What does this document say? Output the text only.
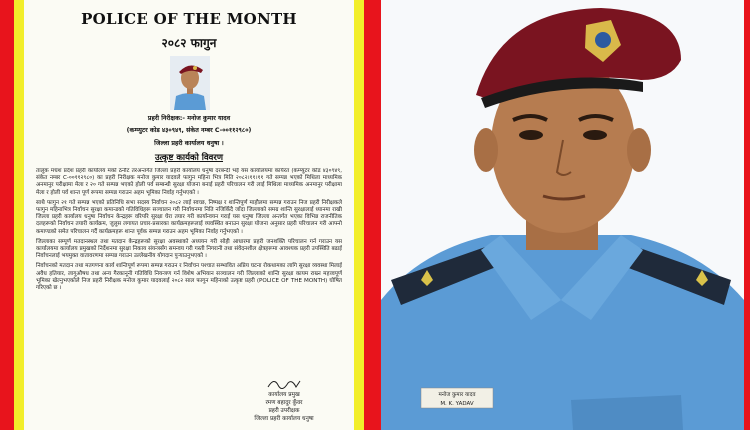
POLICE OF THE MONTH
२०८२ फागुन
प्रहरी निरीक्षक:- मनोज कुमार यादव
(कम्प्युटर कोड ४३०९४९, संकेत नम्बर C-००११२९८०)
जिल्ला प्रहरी कार्यालय धनुषा ।
उत्कृष्ट कार्यको विवरण

तालुक मधेश प्रदेश प्रहरी कार्यालय मर्का ठनौट तरअन्तर्गत जिल्ला प्रहरी कार्यालय धनुषा दरबन्दी भई यस कार्यालयमा कार्यरत (कम्प्युटर कोड ४३०९४९, संकेत नम्बर C-००११२९८०) का प्रहरी निरीक्षक मनोज कुमार यादवले फागुन महिना भित्र मिति २०८२।११।११ गते सम्पन्न भएको मिथिला माध्यमिक अनमानुर परीक्षामा मेला र २० गते सम्पन्न भएको होली पर्व सम्बन्धी सुरक्षा योजना बनाई प्रहरी परिचालन गरी लाई मिथिला माध्यमिक अनमानुर परीक्षामा मेला र होली पर्व शान्त पूर्ण रूपमा सम्पन्न गराउन अहम भूमिका निर्वाह गर्नुभएको ।

साथै फागुन २१ गते सम्पन्न भएको प्रतिनिधि सभा सदस्य निर्वाचन २०८२ लाई स्वच्छ, निष्पक्ष र शान्तिपूर्ण माहौलमा सम्पन्न गराउन निज प्रहरी निरीक्षकले फागुन महिनाभित्र निर्वाचन सुरक्षा कमान्डको गतिविधिहरू सञ्चालन गरी निर्वाचनमा निति नजिकिँदै जाँदा जिल्लाको समग्र शान्ति सुरक्षालाई ध्यानमा राखी जिल्ला प्रहरी कार्यालय धनुषा निर्वाचन केन्द्रहरू वरिपरि सुरक्षा घेरा तयार गरी कार्यान्वयन गराई यस धनुषा जिल्ला अन्तर्गत भएका विभिन्न राजनीतिक दलहरूको निर्वाचन तयारी कार्यक्रम, जुलुस लगायत प्रचार-प्रसारका कार्यक्रमहरूलाई व्यवस्थित बनाउन सुरक्षा योजना अनुसार प्रहरी परिचालन गरी आफ्नो कमाण्डको समेत परिचालन गर्दै कार्यक्रमहरू शान्त पूर्वक सम्पन्न गराउन अहम भूमिका निर्वाह गर्नुभएको ।

जिल्लाका सम्पूर्ण मतदानस्थल तथा मतदान केन्द्रहरूको सुरक्षा अवस्थाको अध्ययन गरी सोही आधारमा प्रहरी जनशक्ति परिचालन गर्न गराउन यस कार्यालयमा कार्यालय प्रमुखको निर्देशनमा सुरक्षा निकाय संयन्त्रसँग समन्वय गरी गस्ती निगरानी तथा संवेदनशील क्षेत्रहरूमा आवश्यक प्रहरी उपस्थिति बढाई निर्वाचनलाई भयमुक्त वातावरणमा सम्पन्न गराउन उल्लेखनीय योगदान पुर्‍याउनुभएको ।

निर्वाचनको मतदान तथा मतगणना कार्य शान्तिपूर्ण रूपमा सम्पन्न गराउन र निर्वाचन पश्चात सम्भावित अप्रिय घटना रोकथामका लागि सुरक्षा व्यवस्था मिलाई अवैध हतियार, लागुऔषध तथा अन्य गैरकानूनी गतिविधि नियन्त्रण गर्न विशेष अभियान सञ्चालन गरी जिल्लाको शान्ति सुरक्षा कायम राख्न महत्त्वपूर्ण भूमिका खेल्नुभएकोले निज प्रहरी निरीक्षक मनोज कुमार यादवलाई २०८२ साल फागुन महिनाको उत्कृष्ट प्रहरी (POLICE OF THE MONTH) घोषित गरिएको छ ।

कार्यालय प्रमुख
रमण बहादुर कुँवर
प्रहरी उपरीक्षक
जिल्ला प्रहरी कार्यालय धनुषा
मनोज कुमार यादव
M. K. YADAV
